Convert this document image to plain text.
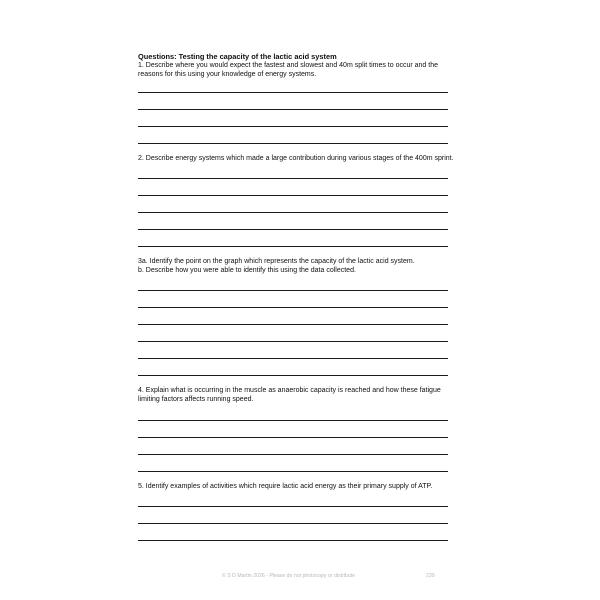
Questions: Testing the capacity of the lactic acid system

1. Describe where you would expect the fastest and slowest and 40m split times to occur and the
reasons for this using your knowledge of energy systems.

2. Describe energy systems which made a large contribution during various stages of the 400m sprint.

3a. Identify the point on the graph which represents the capacity of the lactic acid system.
b. Describe how you were able to identify this using the data collected.

4. Explain what is occurring in the muscle as anaerobic capacity is reached and how these fatigue
limiting factors affects running speed.

5. Identify examples of activities which require lactic acid energy as their primary supply of ATP.

© S D Martin 2026 - Please do not photocopy or distribute	239
